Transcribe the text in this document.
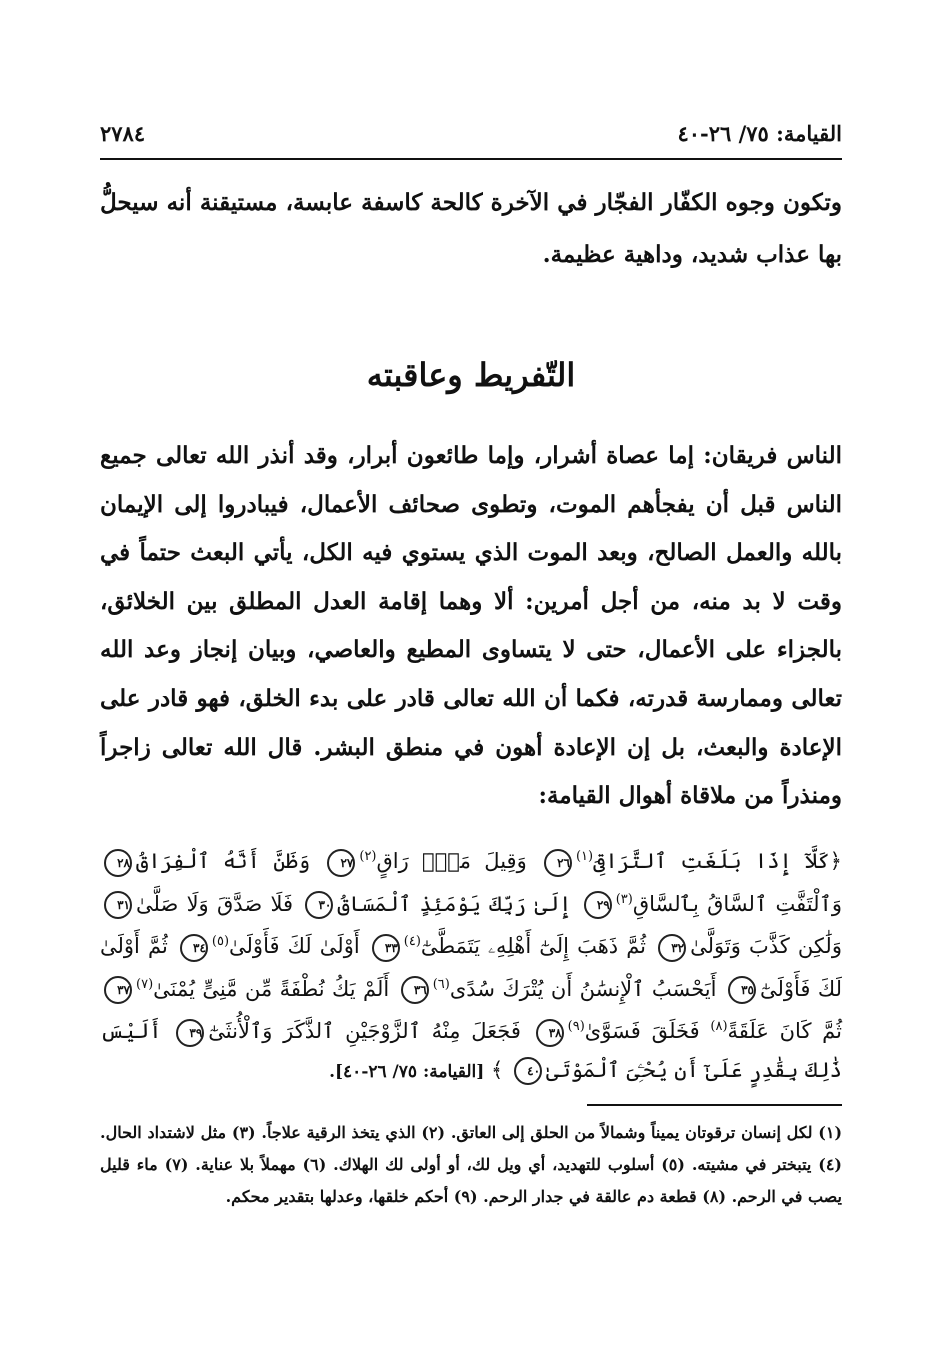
القيامة: ٧٥/ ٢٦-٤٠
٢٧٨٤
وتكون وجوه الكفّار الفجّار في الآخرة كالحة كاسفة عابسة، مستيقنة أنه سيحلُّ بها عذاب شديد، وداهية عظيمة.
التّفريط وعاقبته
الناس فريقان: إما عصاة أشرار، وإما طائعون أبرار، وقد أنذر الله تعالى جميع الناس قبل أن يفجأهم الموت، وتطوى صحائف الأعمال، فيبادروا إلى الإيمان بالله والعمل الصالح، وبعد الموت الذي يستوي فيه الكل، يأتي البعث حتماً في وقت لا بد منه، من أجل أمرين: ألا وهما إقامة العدل المطلق بين الخلائق، بالجزاء على الأعمال، حتى لا يتساوى المطيع والعاصي، وبيان إنجاز وعد الله تعالى وممارسة قدرته، فكما أن الله تعالى قادر على بدء الخلق، فهو قادر على الإعادة والبعث، بل إن الإعادة أهون في منطق البشر. قال الله تعالى زاجراً ومنذراً من ملاقاة أهوال القيامة:
﴿كَلَّآ إِذَا بَلَغَتِ ٱلتَّرَاقِىَ$^{(١)}$٢٦ وَقِيلَ مَنْۜ رَاقٍ$^{(٢)}$٢٧ وَظَنَّ أَنَّهُ ٱلْفِرَاقُ٢٨ وَٱلْتَفَّتِ ٱلسَّاقُ بِٱلسَّاقِ$^{(٣)}$٢٩ إِلَىٰ رَبِّكَ يَوْمَئِذٍ ٱلْمَسَاقُ٣٠ فَلَا صَدَّقَ وَلَا صَلَّىٰ٣١ وَلَٰكِن كَذَّبَ وَتَوَلَّىٰ٣٢ ثُمَّ ذَهَبَ إِلَىٰٓ أَهْلِهِۦ يَتَمَطَّىٰٓ$^{(٤)}$٣٣ أَوْلَىٰ لَكَ فَأَوْلَىٰ$^{(٥)}$٣٤ ثُمَّ أَوْلَىٰ لَكَ فَأَوْلَىٰٓ٣٥ أَيَحْسَبُ ٱلْإِنسَٰنُ أَن يُتْرَكَ سُدًى$^{(٦)}$٣٦ أَلَمْ يَكُ نُطْفَةً مِّن مَّنِىٍّ يُمْنَىٰ$^{(٧)}$٣٧ ثُمَّ كَانَ عَلَقَةً$^{(٨)}$ فَخَلَقَ فَسَوَّىٰ$^{(٩)}$٣٨ فَجَعَلَ مِنْهُ ٱلزَّوْجَيْنِ ٱلذَّكَرَ وَٱلْأُنثَىٰٓ٣٩ أَلَيْسَ ذَٰلِكَ بِقَٰدِرٍ عَلَىٰٓ أَن يُحْـِۧىَ ٱلْمَوْتَىٰ٤٠ ﴾ [القيامة: ٧٥/ ٢٦-٤٠].
(١) لكل إنسان ترقوتان يميناً وشمالاً من الحلق إلى العاتق. (٢) الذي يتخذ الرقية علاجاً. (٣) مثل لاشتداد الحال. (٤) يتبختر في مشيته. (٥) أسلوب للتهديد، أي ويل لك، أو أولى لك الهلاك. (٦) مهملاً بلا عناية. (٧) ماء قليل يصب في الرحم. (٨) قطعة دم عالقة في جدار الرحم. (٩) أحكم خلقها، وعدلها بتقدير محكم.
